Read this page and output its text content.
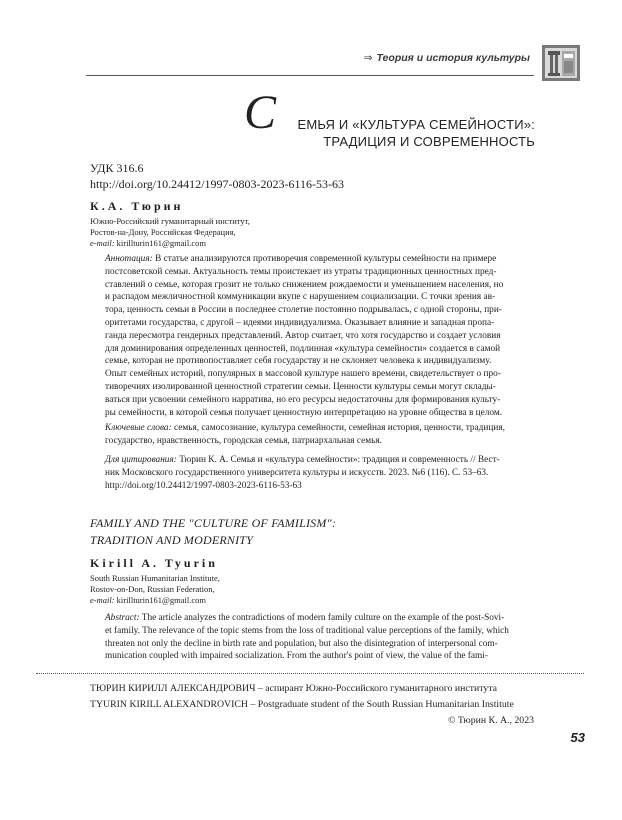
⇒ Теория и история культуры
С	ЕМЬЯ И «КУЛЬТУРА СЕМЕЙНОСТИ»:
ТРАДИЦИЯ И СОВРЕМЕННОСТЬ
УДК 316.6
http://doi.org/10.24412/1997-0803-2023-6116-53-63
К.А. Тюрин
Южно-Российский гуманитарный институт,
Ростов-на-Дону, Российская Федерация,
e-mail: kirillturin161@gmail.com
Аннотация: В статье анализируются противоречия современной культуры семейности на примере
постсоветской семьи. Актуальность темы проистекает из утраты традиционных ценностных пред-
ставлений о семье, которая грозит не только снижением рождаемости и уменьшением населения, но
и распадом межличностной коммуникации вкупе с нарушением социализации. С точки зрения ав-
тора, ценность семьи в России в последнее столетие постоянно подрывалась, с одной стороны, при-
оритетами государства, с другой – идеями индивидуализма. Оказывает влияние и западная пропа-
ганда пересмотра гендерных представлений. Автор считает, что хотя государство и создает условия
для доминирования определенных ценностей, подлинная «культура семейности» создается в самой
семье, которая не противопоставляет себя государству и не склоняет человека к индивидуализму.
Опыт семейных историй, популярных в массовой культуре нашего времени, свидетельствует о про-
тиворечиях изолированной ценностной стратегии семьи. Ценности культуры семьи могут склады-
ваться при усвоении семейного нарратива, но его ресурсы недостаточны для формирования культу-
ры семейности, в которой семья получает ценностную интерпретацию на уровне общества в целом.
Ключевые слова: семья, самосознание, культура семейности, семейная история, ценности, традиция,
государство, нравственность, городская семья, патриархальная семья.
Для цитирования: Тюрин К. А. Семья и «культура семейности»: традиция и современность // Вест-
ник Московского государственного университета культуры и искусств. 2023. №6 (116). С. 53–63.
http://doi.org/10.24412/1997-0803-2023-6116-53-63
FAMILY AND THE "CULTURE OF FAMILISM":
TRADITION AND MODERNITY
Kirill A. Tyurin
South Russian Humanitarian Institute,
Rostov-on-Don, Russian Federation,
e-mail: kirillturin161@gmail.com
Abstract: The article analyzes the contradictions of modern family culture on the example of the post-Sovi-
et family. The relevance of the topic stems from the loss of traditional value perceptions of the family, which
threaten not only the decline in birth rate and population, but also the disintegration of interpersonal com-
munication coupled with impaired socialization. From the author's point of view, the value of the fami-
ТЮРИН КИРИЛЛ АЛЕКСАНДРОВИЧ – аспирант Южно-Российского гуманитарного института
TYURIN KIRILL ALEXANDROVICH – Postgraduate student of the South Russian Humanitarian Institute
© Тюрин К. А., 2023
53
